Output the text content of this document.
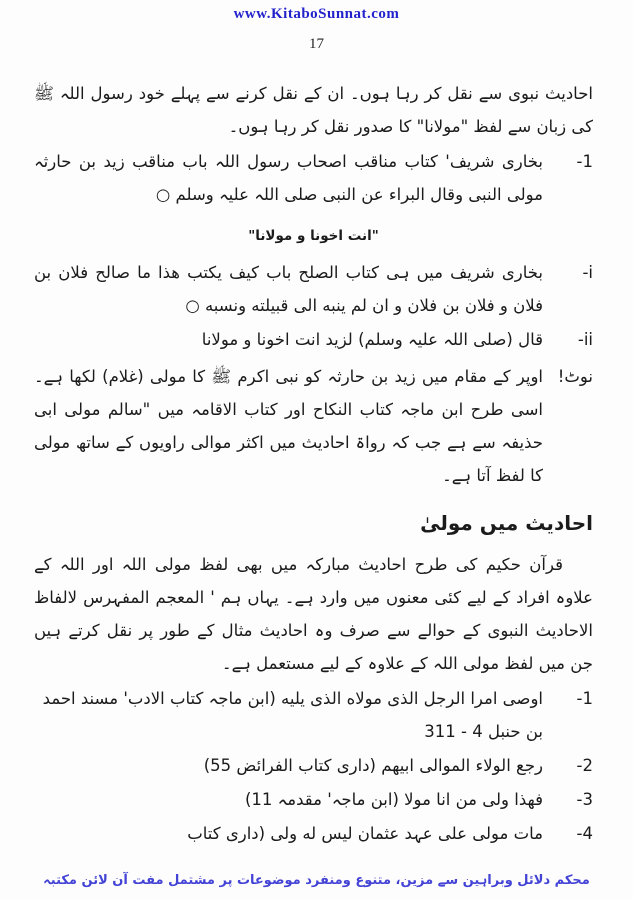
www.KitaboSunnat.com
17

احادیث نبوی سے نقل کر رہا ہوں۔ ان کے نقل کرنے سے پہلے خود رسول اللہ ﷺ کی زبان سے لفظ "مولانا" کا صدور نقل کر رہا ہوں۔

1-
بخاری شریف' کتاب مناقب اصحاب رسول اللہ باب مناقب زید بن حارثہ مولی النبی وقال البراء عن النبی صلی اللہ علیہ وسلم ○
"انت اخونا و مولانا"
i-
بخاری شریف میں ہی کتاب الصلح باب کیف یکتب هذا ما صالح فلان بن فلان و فلان بن فلان و ان لم ینبه الی قبیلته ونسبه ○
ii-
قال (صلی اللہ علیہ وسلم) لزید انت اخونا و مولانا
نوٹ!
اوپر کے مقام میں زید بن حارثہ کو نبی اکرم ﷺ کا مولی (غلام) لکھا ہے۔ اسی طرح ابن ماجہ کتاب النکاح اور کتاب الاقامہ میں "سالم مولی ابی حذیفہ سے ہے جب کہ رواۃ احادیث میں اکثر موالی راویوں کے ساتھ مولی کا لفظ آتا ہے۔
احادیث میں مولیٰ

قرآن حکیم کی طرح احادیث مبارکہ میں بھی لفظ مولی اللہ اور اللہ کے علاوہ افراد کے لیے کئی معنوں میں وارد ہے۔ یہاں ہم ' المعجم المفہرس لالفاظ الاحادیث النبوی کے حوالے سے صرف وہ احادیث مثال کے طور پر نقل کرتے ہیں جن میں لفظ مولی اللہ کے علاوہ کے لیے مستعمل ہے۔

1-
اوصی امرا الرجل الذی مولاه الذی یلیه (ابن ماجہ کتاب الادب' مسند احمد بن حنبل 4 - 311
2-
رجع الولاء الموالی ابیهم (داری کتاب الفرائض 55)
3-
فهذا ولی من انا مولا (ابن ماجہ' مقدمہ 11)
4-
مات مولی علی عہد عثمان لیس له ولی (داری کتاب
محکم دلائل وبراہین سے مزین، متنوع ومنفرد موضوعات پر مشتمل مفت آن لائن مکتبہ
